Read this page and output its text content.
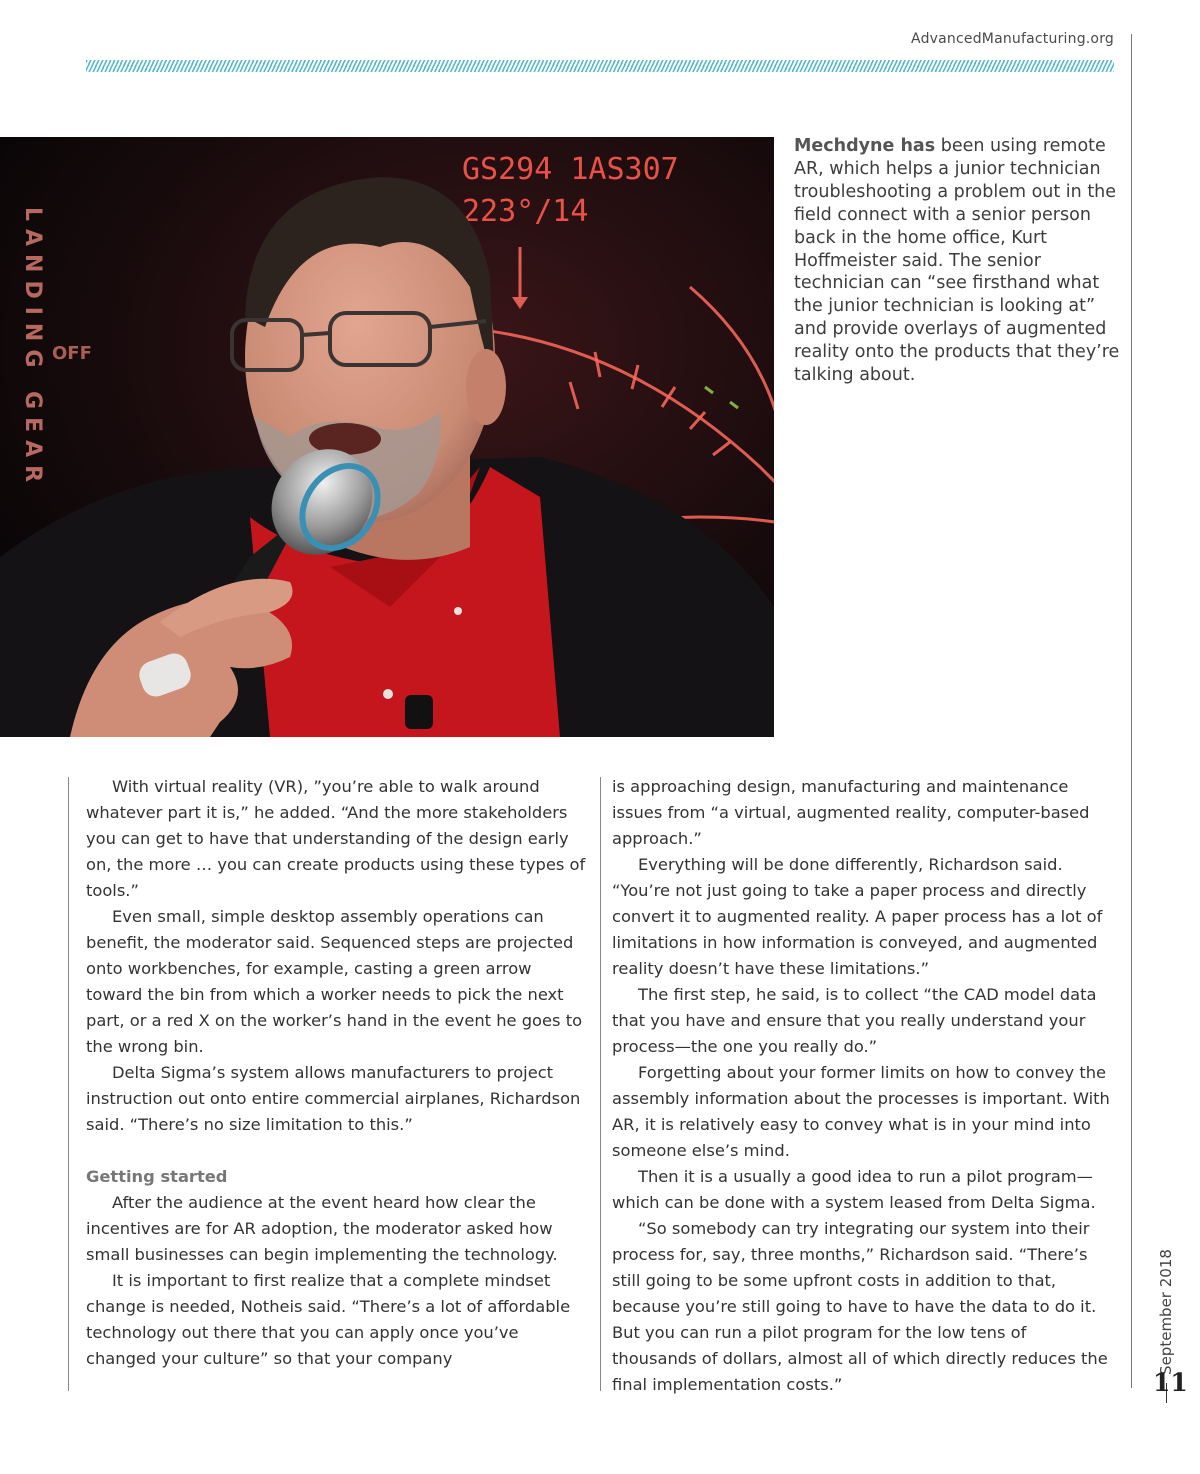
AdvancedManufacturing.org
September 2018
11
GS294 1AS307
223°/14
LANDING GEAR OFF

Mechdyne has been using remote AR, which helps a junior technician troubleshooting a problem out in the field connect with a senior person back in the home office, Kurt Hoffmeister said. The senior technician can “see firsthand what the junior technician is looking at” and provide overlays of augmented reality onto the products that they’re talking about.

With virtual reality (VR), ”you’re able to walk around whatever part it is,” he added. “And the more stakeholders you can get to have that understanding of the design early on, the more … you can create products using these types of tools.”

Even small, simple desktop assembly operations can benefit, the moderator said. Sequenced steps are projected onto workbenches, for example, casting a green arrow toward the bin from which a worker needs to pick the next part, or a red X on the worker’s hand in the event he goes to the wrong bin.

Delta Sigma’s system allows manufacturers to project instruction out onto entire commercial airplanes, Richardson said. “There’s no size limitation to this.”

Getting started

After the audience at the event heard how clear the incentives are for AR adoption, the moderator asked how small businesses can begin implementing the technology.

It is important to first realize that a complete mindset change is needed, Notheis said. “There’s a lot of affordable technology out there that you can apply once you’ve changed your culture” so that your company

is approaching design, manufacturing and maintenance issues from “a virtual, augmented reality, computer-based approach.”

Everything will be done differently, Richardson said. “You’re not just going to take a paper process and directly convert it to augmented reality. A paper process has a lot of limitations in how information is conveyed, and augmented reality doesn’t have these limitations.”

The first step, he said, is to collect “the CAD model data that you have and ensure that you really understand your process—the one you really do.”

Forgetting about your former limits on how to convey the assembly information about the processes is important. With AR, it is relatively easy to convey what is in your mind into someone else’s mind.

Then it is a usually a good idea to run a pilot program—which can be done with a system leased from Delta Sigma.

“So somebody can try integrating our system into their process for, say, three months,” Richardson said. “There’s still going to be some upfront costs in addition to that, because you’re still going to have to have the data to do it. But you can run a pilot program for the low tens of thousands of dollars, almost all of which directly reduces the final implementation costs.”
